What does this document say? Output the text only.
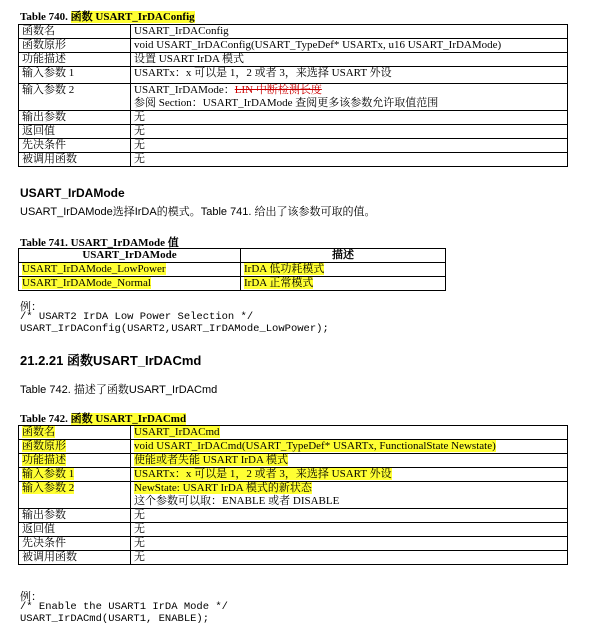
Table 740. 函数 USART_IrDAConfig
函数名	USART_IrDAConfig
函数原形	void USART_IrDAConfig(USART_TypeDef* USARTx, u16 USART_IrDAMode)
功能描述	设置 USART IrDA 模式
输入参数 1	USARTx：x 可以是 1，2 或者 3，来选择 USART 外设
输入参数 2	USART_IrDAMode：LIN 中断检测长度
参阅 Section：USART_IrDAMode 查阅更多该参数允许取值范围

输出参数	无
返回值	无
先决条件	无
被调用函数	无
USART_IrDAMode
USART_IrDAMode选择IrDA的模式。Table 741. 给出了该参数可取的值。
Table 741. USART_IrDAMode 值
USART_IrDAMode	描述
USART_IrDAMode_LowPower	IrDA 低功耗模式
USART_IrDAMode_Normal	IrDA 正常模式
例：
/* USART2 IrDA Low Power Selection */
USART_IrDAConfig(USART2,USART_IrDAMode_LowPower);
21.2.21 函数USART_IrDACmd
Table 742. 描述了函数USART_IrDACmd
Table 742. 函数 USART_IrDACmd
函数名	USART_IrDACmd
函数原形	void USART_IrDACmd(USART_TypeDef* USARTx, FunctionalState Newstate)
功能描述	使能或者失能 USART IrDA 模式
输入参数 1	USARTx：x 可以是 1，2 或者 3，来选择 USART 外设
输入参数 2	NewState: USART IrDA 模式的新状态
这个参数可以取：ENABLE 或者 DISABLE

输出参数	无
返回值	无
先决条件	无
被调用函数	无
例：
/* Enable the USART1 IrDA Mode */
USART_IrDACmd(USART1, ENABLE);
